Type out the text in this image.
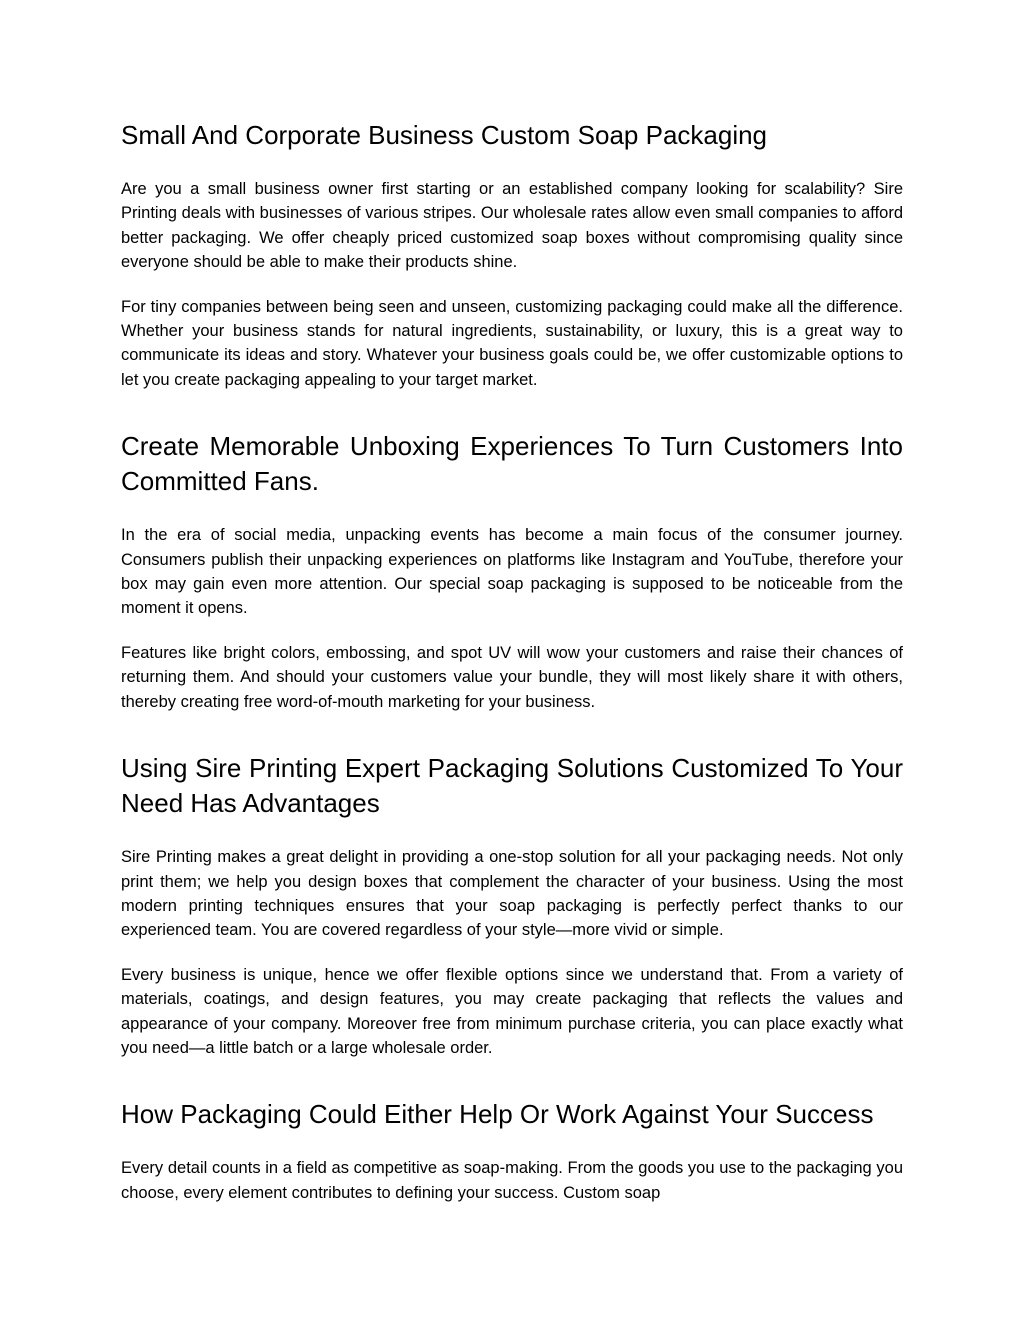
Small And Corporate Business Custom Soap Packaging

Are you a small business owner first starting or an established company looking for scalability? Sire Printing deals with businesses of various stripes. Our wholesale rates allow even small companies to afford better packaging. We offer cheaply priced customized soap boxes without compromising quality since everyone should be able to make their products shine.

For tiny companies between being seen and unseen, customizing packaging could make all the difference. Whether your business stands for natural ingredients, sustainability, or luxury, this is a great way to communicate its ideas and story. Whatever your business goals could be, we offer customizable options to let you create packaging appealing to your target market.

Create Memorable Unboxing Experiences To Turn Customers Into Committed Fans.

In the era of social media, unpacking events has become a main focus of the consumer journey. Consumers publish their unpacking experiences on platforms like Instagram and YouTube, therefore your box may gain even more attention. Our special soap packaging is supposed to be noticeable from the moment it opens.

Features like bright colors, embossing, and spot UV will wow your customers and raise their chances of returning them. And should your customers value your bundle, they will most likely share it with others, thereby creating free word-of-mouth marketing for your business.

Using Sire Printing Expert Packaging Solutions Customized To Your Need Has Advantages

Sire Printing makes a great delight in providing a one-stop solution for all your packaging needs. Not only print them; we help you design boxes that complement the character of your business. Using the most modern printing techniques ensures that your soap packaging is perfectly perfect thanks to our experienced team. You are covered regardless of your style—more vivid or simple.

Every business is unique, hence we offer flexible options since we understand that. From a variety of materials, coatings, and design features, you may create packaging that reflects the values and appearance of your company. Moreover free from minimum purchase criteria, you can place exactly what you need—a little batch or a large wholesale order.

How Packaging Could Either Help Or Work Against Your Success

Every detail counts in a field as competitive as soap-making. From the goods you use to the packaging you choose, every element contributes to defining your success. Custom soap
